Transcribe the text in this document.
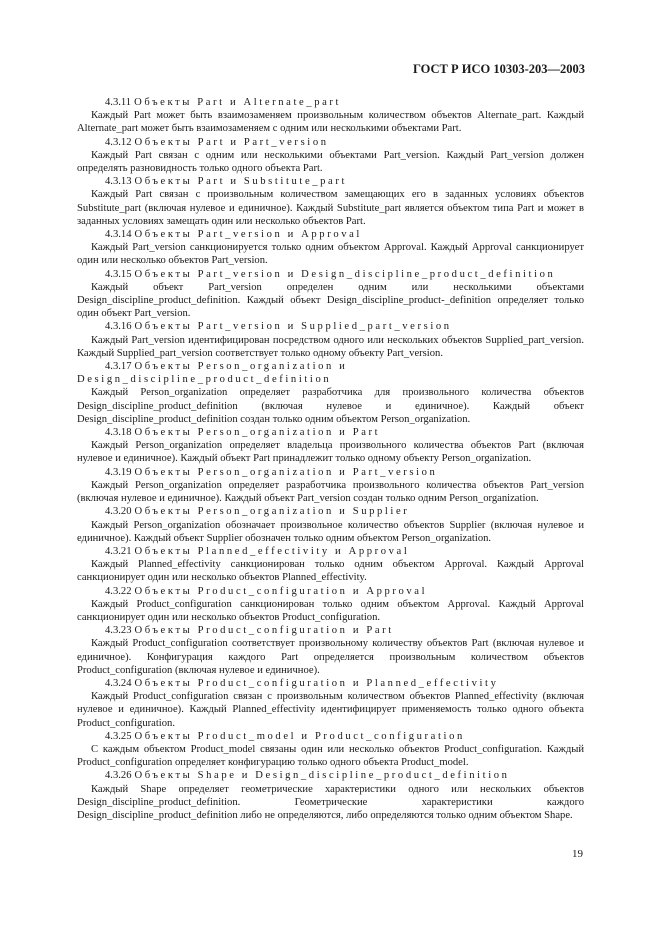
ГОСТ Р ИСО 10303-203—2003

4.3.11 Объекты Part и Alternate_part

Каждый Part может быть взаимозаменяем произвольным количеством объектов Alternate_part. Каждый Alternate_part может быть взаимозаменяем с одним или несколькими объектами Part.

4.3.12 Объекты Part и Part_version

Каждый Part связан с одним или несколькими объектами Part_version. Каждый Part_version должен определять разновидность только одного объекта Part.

4.3.13 Объекты Part и Substitute_part

Каждый Part связан с произвольным количеством замещающих его в заданных условиях объектов Substitute_part (включая нулевое и единичное). Каждый Substitute_part является объектом типа Part и может в заданных условиях замещать один или несколько объектов Part.

4.3.14 Объекты Part_version и Approval

Каждый Part_version санкционируется только одним объектом Approval. Каждый Approval санкционирует один или несколько объектов Part_version.

4.3.15 Объекты Part_version и Design_discipline_product_definition

Каждый объект Part_version определен одним или несколькими объектами Design_discipline_product_definition. Каждый объект Design_discipline_product-_definition определяет только один объект Part_version.

4.3.16 Объекты Part_version и Supplied_part_version

Каждый Part_version идентифицирован посредством одного или нескольких объектов Supplied_part_version. Каждый Supplied_part_version соответствует только одному объекту Part_version.

4.3.17 Объекты Person_organization и Design_discipline_product_definition

Каждый Person_organization определяет разработчика для произвольного количества объектов Design_discipline_product_definition (включая нулевое и единичное). Каждый объект Design_discipline_product_definition создан только одним объектом Person_organization.

4.3.18 Объекты Person_organization и Part

Каждый Person_organization определяет владельца произвольного количества объектов Part (включая нулевое и единичное). Каждый объект Part принадлежит только одному объекту Person_organization.

4.3.19 Объекты Person_organization и Part_version

Каждый Person_organization определяет разработчика произвольного количества объектов Part_version (включая нулевое и единичное). Каждый объект Part_version создан только одним Person_organization.

4.3.20 Объекты Person_organization и Supplier

Каждый Person_organization обозначает произвольное количество объектов Supplier (включая нулевое и единичное). Каждый объект Supplier обозначен только одним объектом Person_organization.

4.3.21 Объекты Planned_effectivity и Approval

Каждый Planned_effectivity санкционирован только одним объектом Approval. Каждый Approval санкционирует один или несколько объектов Planned_effectivity.

4.3.22 Объекты Product_configuration и Approval

Каждый Product_configuration санкционирован только одним объектом Approval. Каждый Approval санкционирует один или несколько объектов Product_configuration.

4.3.23 Объекты Product_configuration и Part

Каждый Product_configuration соответствует произвольному количеству объектов Part (включая нулевое и единичное). Конфигурация каждого Part определяется произвольным количеством объектов Product_configuration (включая нулевое и единичное).

4.3.24 Объекты Product_configuration и Planned_effectivity

Каждый Product_configuration связан с произвольным количеством объектов Planned_effectivity (включая нулевое и единичное). Каждый Planned_effectivity идентифицирует применяемость только одного объекта Product_configuration.

4.3.25 Объекты Product_model и Product_configuration

С каждым объектом Product_model связаны один или несколько объектов Product_configuration. Каждый Product_configuration определяет конфигурацию только одного объекта Product_model.

4.3.26 Объекты Shape и Design_discipline_product_definition

Каждый Shape определяет геометрические характеристики одного или нескольких объектов Design_discipline_product_definition. Геометрические характеристики каждого Design_discipline_product_definition либо не определяются, либо определяются только одним объектом Shape.

19
